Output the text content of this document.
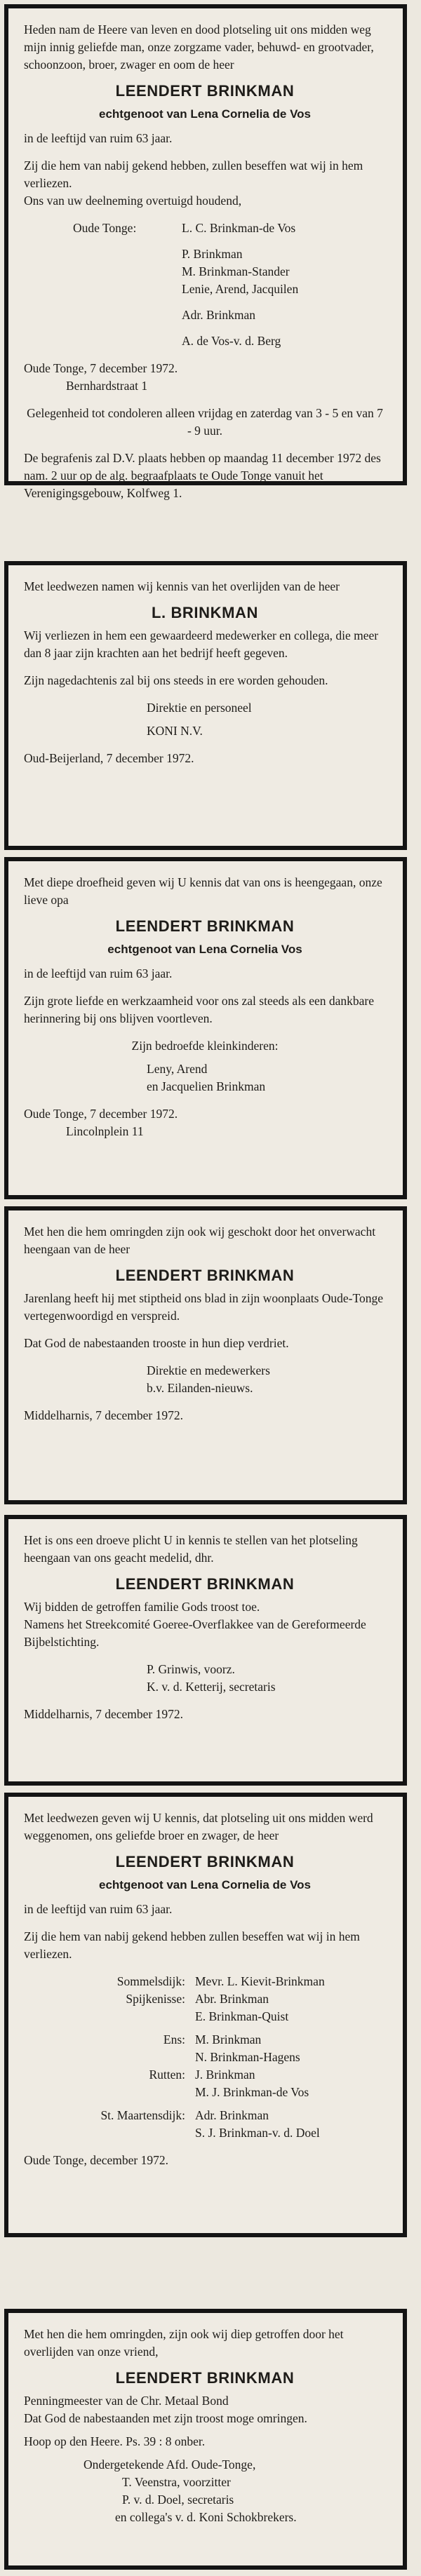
Heden nam de Heere van leven en dood plotseling uit ons midden weg mijn innig geliefde man, onze zorgzame vader, behuwd- en grootvader, schoonzoon, broer, zwager en oom de heer

LEENDERT BRINKMAN
echtgenoot van Lena Cornelia de Vos

in de leeftijd van ruim 63 jaar.

Zij die hem van nabij gekend hebben, zullen beseffen wat wij in hem verliezen.

Ons van uw deelneming overtuigd houdend,

Oude Tonge:	L. C. Brinkman-de Vos
P. Brinkman
M. Brinkman-Stander
Lenie, Arend, Jacquilen
Adr. Brinkman
A. de Vos-v. d. Berg

Oude Tonge, 7 december 1972.

Bernhardstraat 1

Gelegenheid tot condoleren alleen vrijdag en zaterdag van 3 - 5 en van 7 - 9 uur.

De begrafenis zal D.V. plaats hebben op maandag 11 december 1972 des nam. 2 uur op de alg. begraafplaats te Oude Tonge vanuit het Verenigingsgebouw, Kolfweg 1.

Met leedwezen namen wij kennis van het overlijden van de heer

L. BRINKMAN

Wij verliezen in hem een gewaardeerd medewerker en collega, die meer dan 8 jaar zijn krachten aan het bedrijf heeft gegeven.

Zijn nagedachtenis zal bij ons steeds in ere worden gehouden.

Direktie en personeel

KONI N.V.

Oud-Beijerland, 7 december 1972.

Met diepe droefheid geven wij U kennis dat van ons is heengegaan, onze lieve opa

LEENDERT BRINKMAN
echtgenoot van Lena Cornelia Vos

in de leeftijd van ruim 63 jaar.

Zijn grote liefde en werkzaamheid voor ons zal steeds als een dankbare herinnering bij ons blijven voortleven.

Zijn bedroefde kleinkinderen:

Leny, Arend

en Jacquelien Brinkman

Oude Tonge, 7 december 1972.

Lincolnplein 11

Met hen die hem omringden zijn ook wij geschokt door het onverwacht heengaan van de heer

LEENDERT BRINKMAN

Jarenlang heeft hij met stiptheid ons blad in zijn woonplaats Oude-Tonge vertegenwoordigd en verspreid.

Dat God de nabestaanden trooste in hun diep verdriet.

Direktie en medewerkers

b.v. Eilanden-nieuws.

Middelharnis, 7 december 1972.

Het is ons een droeve plicht U in kennis te stellen van het plotseling heengaan van ons geacht medelid, dhr.

LEENDERT BRINKMAN

Wij bidden de getroffen familie Gods troost toe.

Namens het Streekcomité Goeree-Overflakkee van de Gereformeerde Bijbelstichting.

P. Grinwis, voorz.

K. v. d. Ketterij, secretaris

Middelharnis, 7 december 1972.

Met leedwezen geven wij U kennis, dat plotseling uit ons midden werd weggenomen, ons geliefde broer en zwager, de heer

LEENDERT BRINKMAN
echtgenoot van Lena Cornelia de Vos

in de leeftijd van ruim 63 jaar.

Zij die hem van nabij gekend hebben zullen beseffen wat wij in hem verliezen.

Sommelsdijk: Mevr. L. Kievit-Brinkman
Spijkenisse: Abr. Brinkman
E. Brinkman-Quist
Ens: M. Brinkman
N. Brinkman-Hagens
Rutten: J. Brinkman
M. J. Brinkman-de Vos
St. Maartensdijk: Adr. Brinkman
S. J. Brinkman-v. d. Doel

Oude Tonge, december 1972.

Met hen die hem omringden, zijn ook wij diep getroffen door het overlijden van onze vriend,

LEENDERT BRINKMAN

Penningmeester van de Chr. Metaal Bond

Dat God de nabestaanden met zijn troost moge omringen.

Hoop op den Heere. Ps. 39 : 8 onber.

Ondergetekende Afd. Oude-Tonge,

T. Veenstra, voorzitter

P. v. d. Doel, secretaris

en collega's v. d. Koni Schokbrekers.
